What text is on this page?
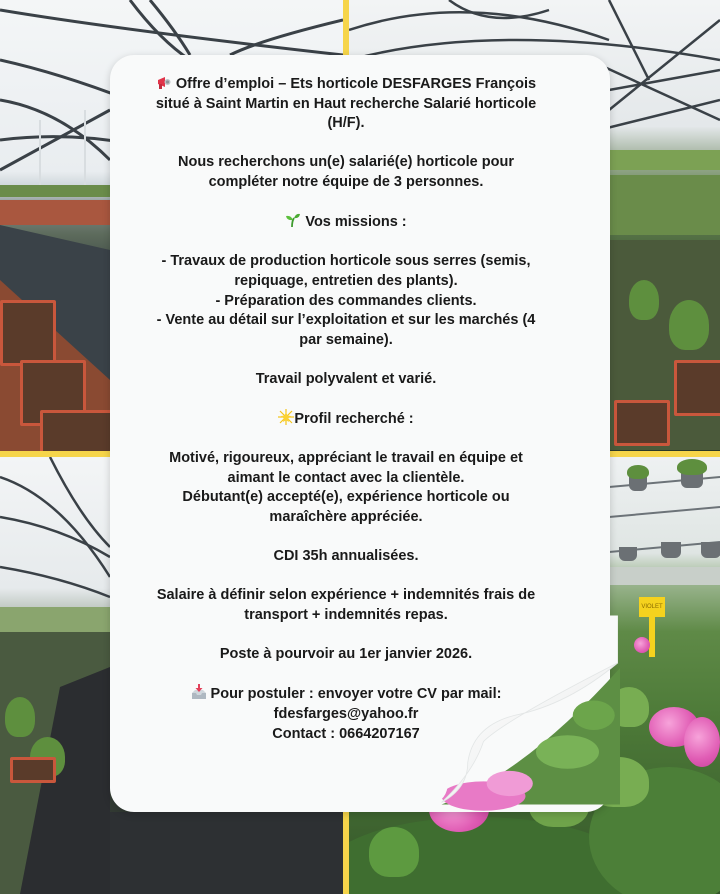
VIOLET

Offre d’emploi – Ets horticole DESFARGES François situé à Saint Martin en Haut recherche Salarié horticole (H/F).

Nous recherchons un(e) salarié(e) horticole pour compléter notre équipe de 3 personnes.

Vos missions :

- Travaux de production horticole sous serres (semis, repiquage, entretien des plants).

- Préparation des commandes clients.

- Vente au détail sur l’exploitation et sur les marchés (4 par semaine).

Travail polyvalent et varié.

Profil recherché :

Motivé, rigoureux, appréciant le travail en équipe et aimant le contact avec la clientèle.

Débutant(e) accepté(e), expérience horticole ou maraîchère appréciée.

CDI 35h annualisées.

Salaire à définir selon expérience + indemnités frais de transport + indemnités repas.

Poste à pourvoir au 1er janvier 2026.

Pour postuler : envoyer votre CV par mail:

fdesfarges@yahoo.fr

Contact : 0664207167
